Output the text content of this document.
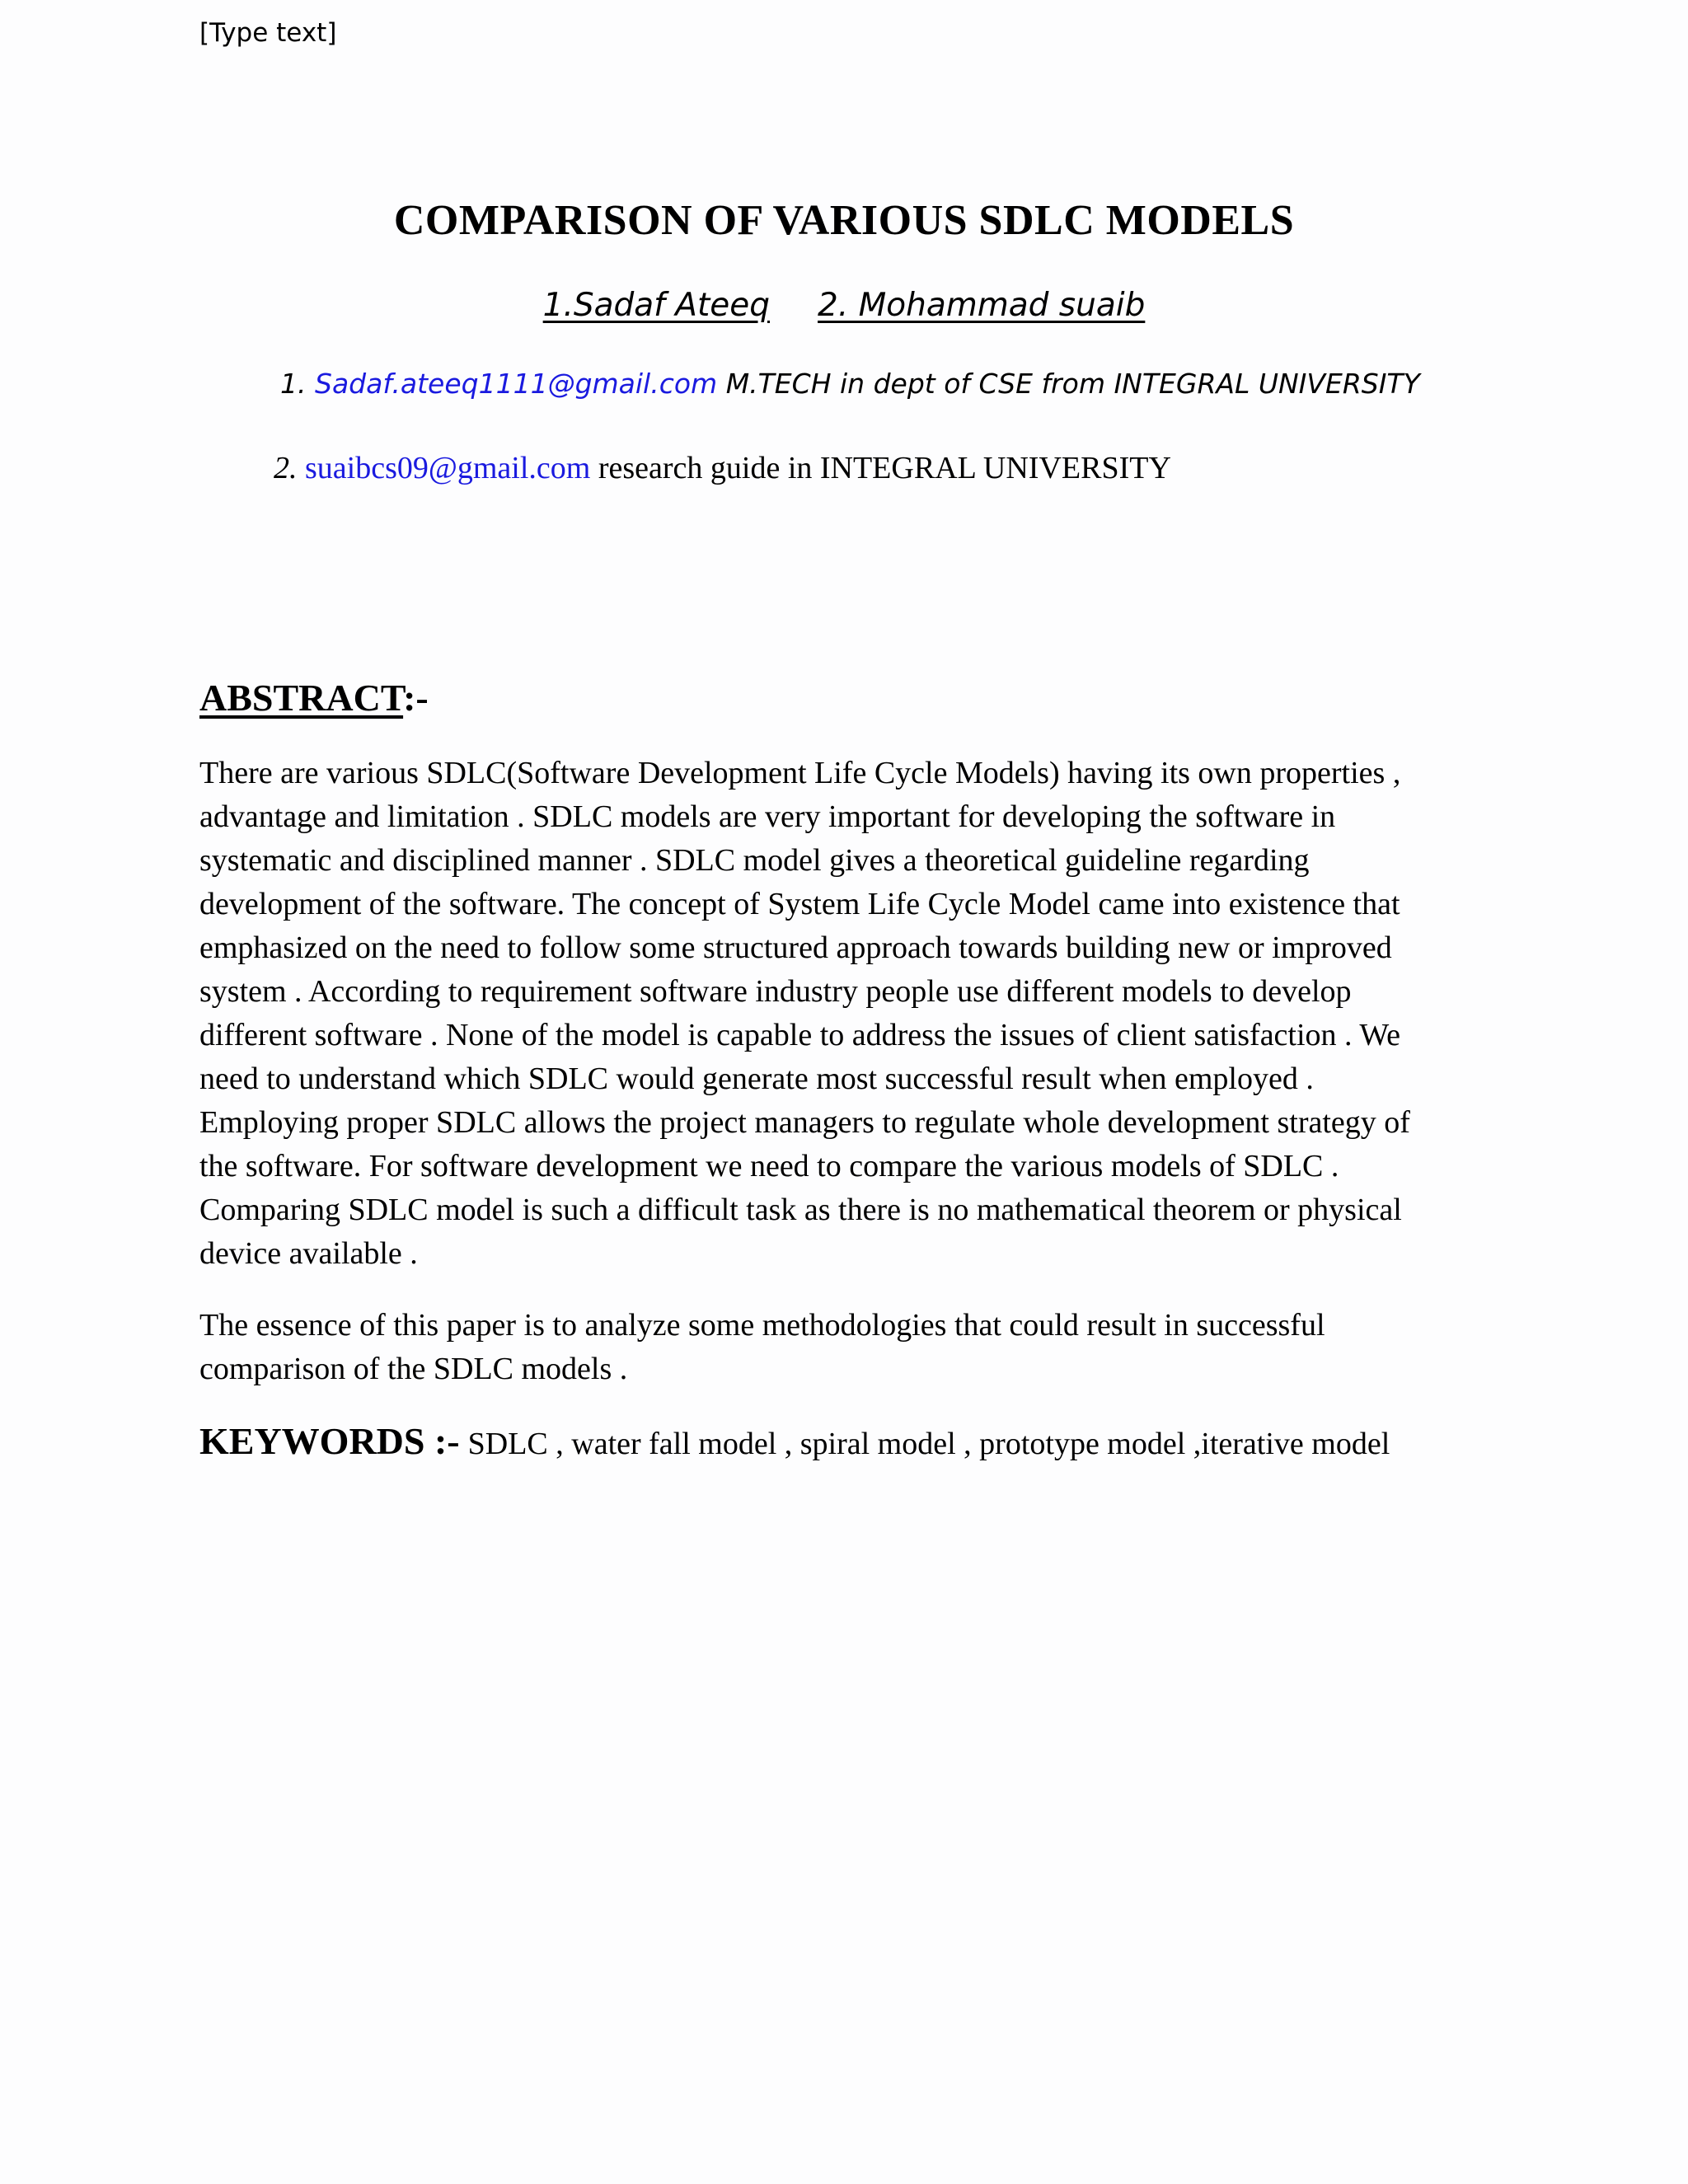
[Type text]
COMPARISON OF VARIOUS SDLC MODELS
1.Sadaf Ateeq 2. Mohammad suaib
1. Sadaf.ateeq1111@gmail.com M.TECH in dept of CSE from INTEGRAL UNIVERSITY
2. suaibcs09@gmail.com research guide in INTEGRAL UNIVERSITY
ABSTRACT:-
There are various SDLC(Software Development Life Cycle Models) having its own properties ,
advantage and limitation . SDLC models are very important for developing the software in
systematic and disciplined manner . SDLC model gives a theoretical guideline regarding
development of the software. The concept of System Life Cycle Model came into existence that
emphasized on the need to follow some structured approach towards building new or improved
system . According to requirement software industry people use different models to develop
different software . None of the model is capable to address the issues of client satisfaction . We
need to understand which SDLC would generate most successful result when employed .
Employing proper SDLC allows the project managers to regulate whole development strategy of
the software. For software development we need to compare the various models of SDLC .
Comparing SDLC model is such a difficult task as there is no mathematical theorem or physical
device available .
The essence of this paper is to analyze some methodologies that could result in successful
comparison of the SDLC models .
KEYWORDS :- SDLC , water fall model , spiral model , prototype model ,iterative model
